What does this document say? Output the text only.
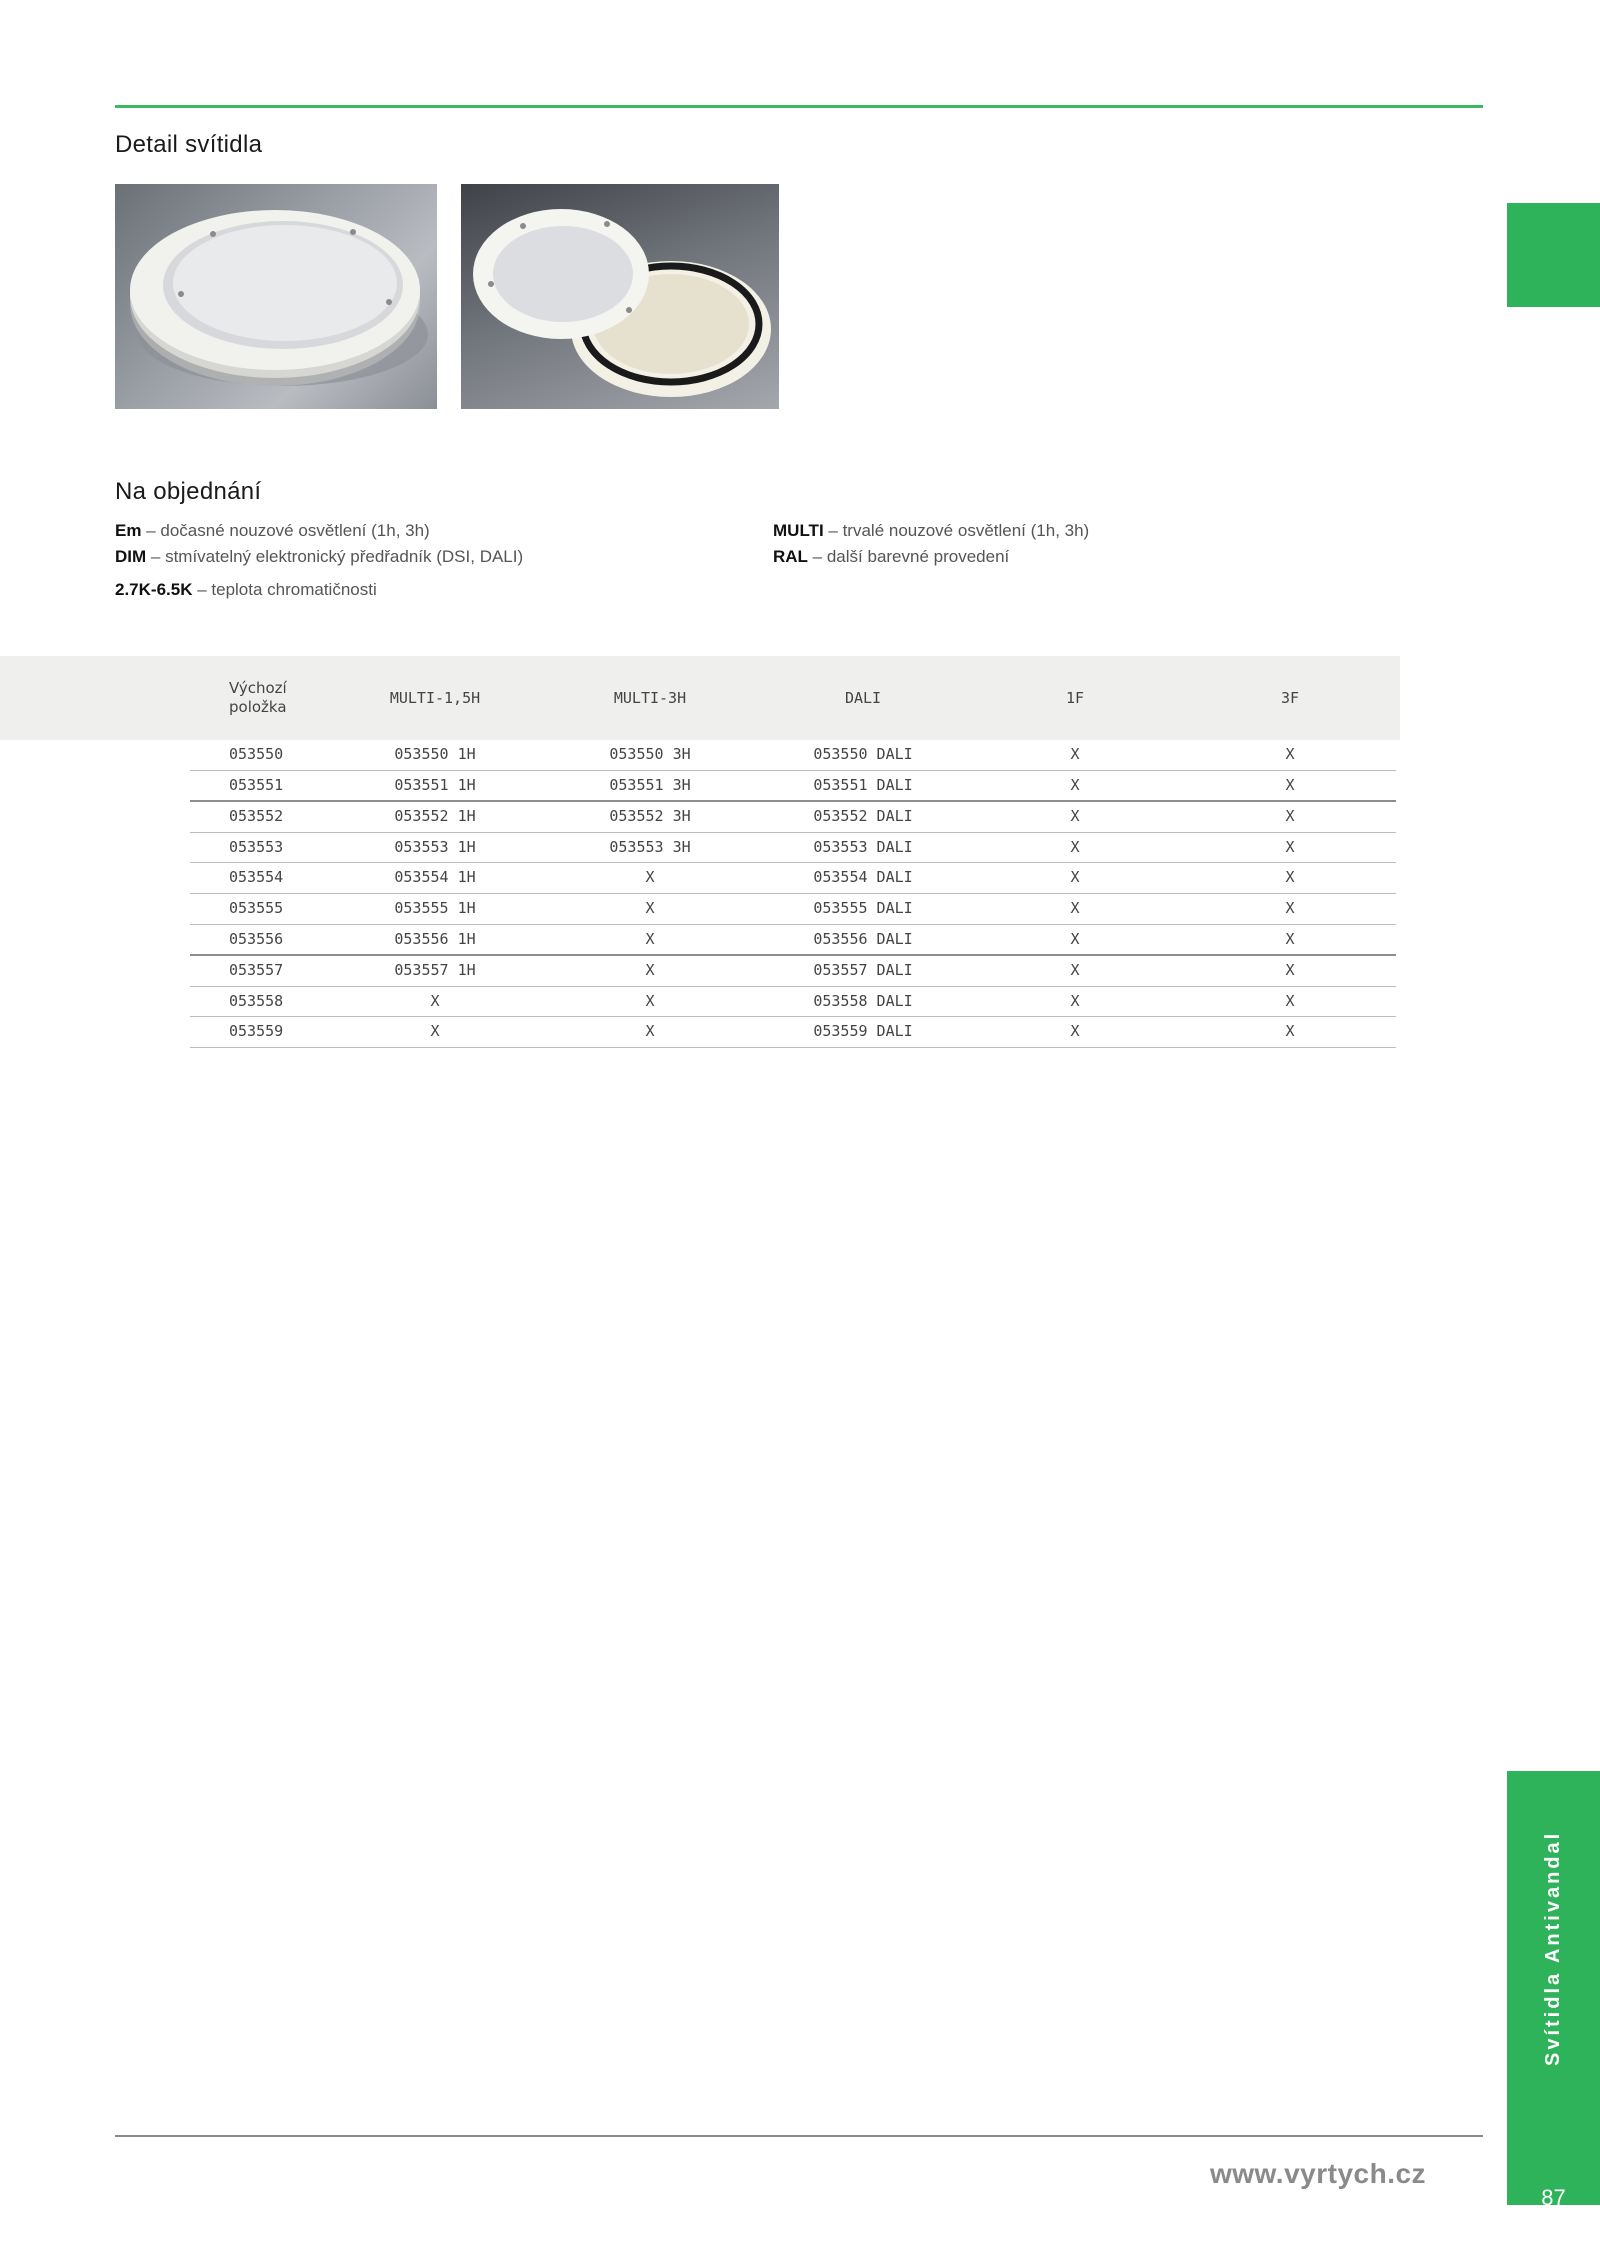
Detail svítidla
Na objednání
Em – dočasné nouzové osvětlení (1h, 3h)
DIM – stmívatelný elektronický předřadník (DSI, DALI)
2.7K-6.5K – teplota chromatičnosti
MULTI – trvalé nouzové osvětlení (1h, 3h)
RAL – další barevné provedení
Výchozí položka	MULTI-1,5H	MULTI-3H	DALI	1F	3F
053550	053550 1H	053550 3H	053550 DALI	X	X
053551	053551 1H	053551 3H	053551 DALI	X	X
053552	053552 1H	053552 3H	053552 DALI	X	X
053553	053553 1H	053553 3H	053553 DALI	X	X
053554	053554 1H	X	053554 DALI	X	X
053555	053555 1H	X	053555 DALI	X	X
053556	053556 1H	X	053556 DALI	X	X
053557	053557 1H	X	053557 DALI	X	X
053558	X	X	053558 DALI	X	X
053559	X	X	053559 DALI	X	X
Svítidla Antivandal
87
www.vyrtych.cz
